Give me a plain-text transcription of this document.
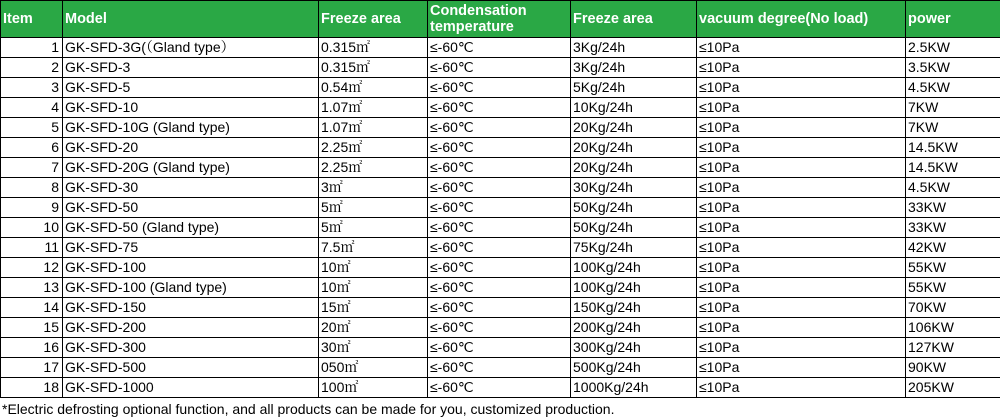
Item	Model	Freeze area	Condensation temperature	Freeze area	vacuum degree(No load)	power
1	GK-SFD-3G(（Gland type）	0.315㎡	≤-60℃	3Kg/24h	≤10Pa	2.5KW
2	GK-SFD-3	0.315㎡	≤-60℃	3Kg/24h	≤10Pa	3.5KW
3	GK-SFD-5	0.54㎡	≤-60℃	5Kg/24h	≤10Pa	4.5KW
4	GK-SFD-10	1.07㎡	≤-60℃	10Kg/24h	≤10Pa	7KW
5	GK-SFD-10G (Gland type)	1.07㎡	≤-60℃	20Kg/24h	≤10Pa	7KW
6	GK-SFD-20	2.25㎡	≤-60℃	20Kg/24h	≤10Pa	14.5KW
7	GK-SFD-20G (Gland type)	2.25㎡	≤-60℃	20Kg/24h	≤10Pa	14.5KW
8	GK-SFD-30	3㎡	≤-60℃	30Kg/24h	≤10Pa	4.5KW
9	GK-SFD-50	5㎡	≤-60℃	50Kg/24h	≤10Pa	33KW
10	GK-SFD-50 (Gland type)	5㎡	≤-60℃	50Kg/24h	≤10Pa	33KW
11	GK-SFD-75	7.5㎡	≤-60℃	75Kg/24h	≤10Pa	42KW
12	GK-SFD-100	10㎡	≤-60℃	100Kg/24h	≤10Pa	55KW
13	GK-SFD-100 (Gland type)	10㎡	≤-60℃	100Kg/24h	≤10Pa	55KW
14	GK-SFD-150	15㎡	≤-60℃	150Kg/24h	≤10Pa	70KW
15	GK-SFD-200	20㎡	≤-60℃	200Kg/24h	≤10Pa	106KW
16	GK-SFD-300	30㎡	≤-60℃	300Kg/24h	≤10Pa	127KW
17	GK-SFD-500	050㎡	≤-60℃	500Kg/24h	≤10Pa	90KW
18	GK-SFD-1000	100㎡	≤-60℃	1000Kg/24h	≤10Pa	205KW
*Electric defrosting optional function, and all products can be made for you, customized production.
